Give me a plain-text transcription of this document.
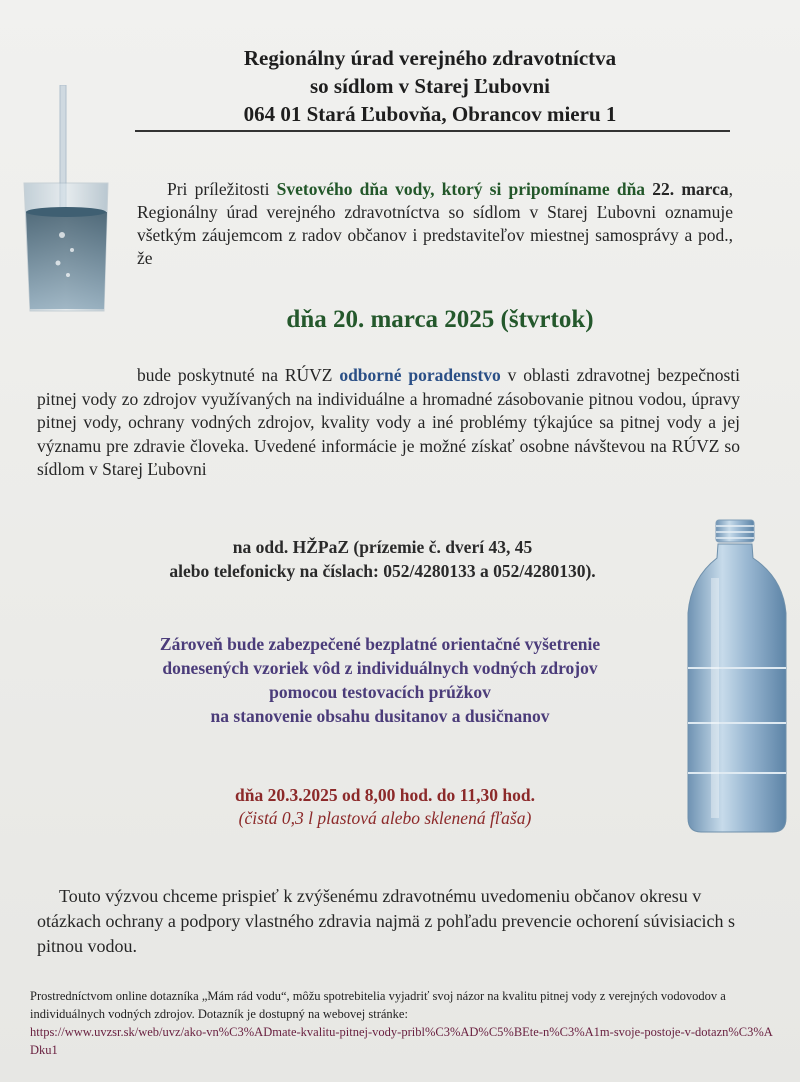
Regionálny úrad verejného zdravotníctva
so sídlom v Starej Ľubovni
064 01 Stará Ľubovňa, Obrancov mieru 1

Pri príležitosti Svetového dňa vody, ktorý si pripomíname dňa 22. marca, Regionálny úrad verejného zdravotníctva so sídlom v Starej Ľubovni oznamuje všetkým záujemcom z radov občanov i predstaviteľov miestnej samosprávy a pod., že

dňa 20. marca 2025 (štvrtok)

bude poskytnuté na RÚVZ odborné poradenstvo v oblasti zdravotnej bezpečnosti pitnej vody zo zdrojov využívaných na individuálne a hromadné zásobovanie pitnou vodou, úpravy pitnej vody, ochrany vodných zdrojov, kvality vody a iné problémy týkajúce sa pitnej vody a jej významu pre zdravie človeka. Uvedené informácie je možné získať osobne návštevou na RÚVZ so sídlom v Starej Ľubovni

na odd. HŽPaZ (prízemie č. dverí 43, 45
alebo telefonicky na číslach: 052/4280133 a 052/4280130).
Zároveň bude zabezpečené bezplatné orientačné vyšetrenie
donesených vzoriek vôd z individuálnych vodných zdrojov
pomocou testovacích prúžkov
na stanovenie obsahu dusitanov a dusičnanov
dňa 20.3.2025 od 8,00 hod. do 11,30 hod.
(čistá 0,3 l plastová alebo sklenená fľaša)

Touto výzvou chceme prispieť k zvýšenému zdravotnému uvedomeniu občanov okresu v otázkach ochrany a podpory vlastného zdravia najmä z pohľadu prevencie ochorení súvisiacich s pitnou vodou.

Prostredníctvom online dotazníka „Mám rád vodu“, môžu spotrebitelia vyjadriť svoj názor na kvalitu pitnej vody z verejných vodovodov a individuálnych vodných zdrojov. Dotazník je dostupný na webovej stránke:
https://www.uvzsr.sk/web/uvz/ako-vn%C3%ADmate-kvalitu-pitnej-vody-pribl%C3%AD%C5%BEte-n%C3%A1m-svoje-postoje-v-dotazn%C3%ADku1
